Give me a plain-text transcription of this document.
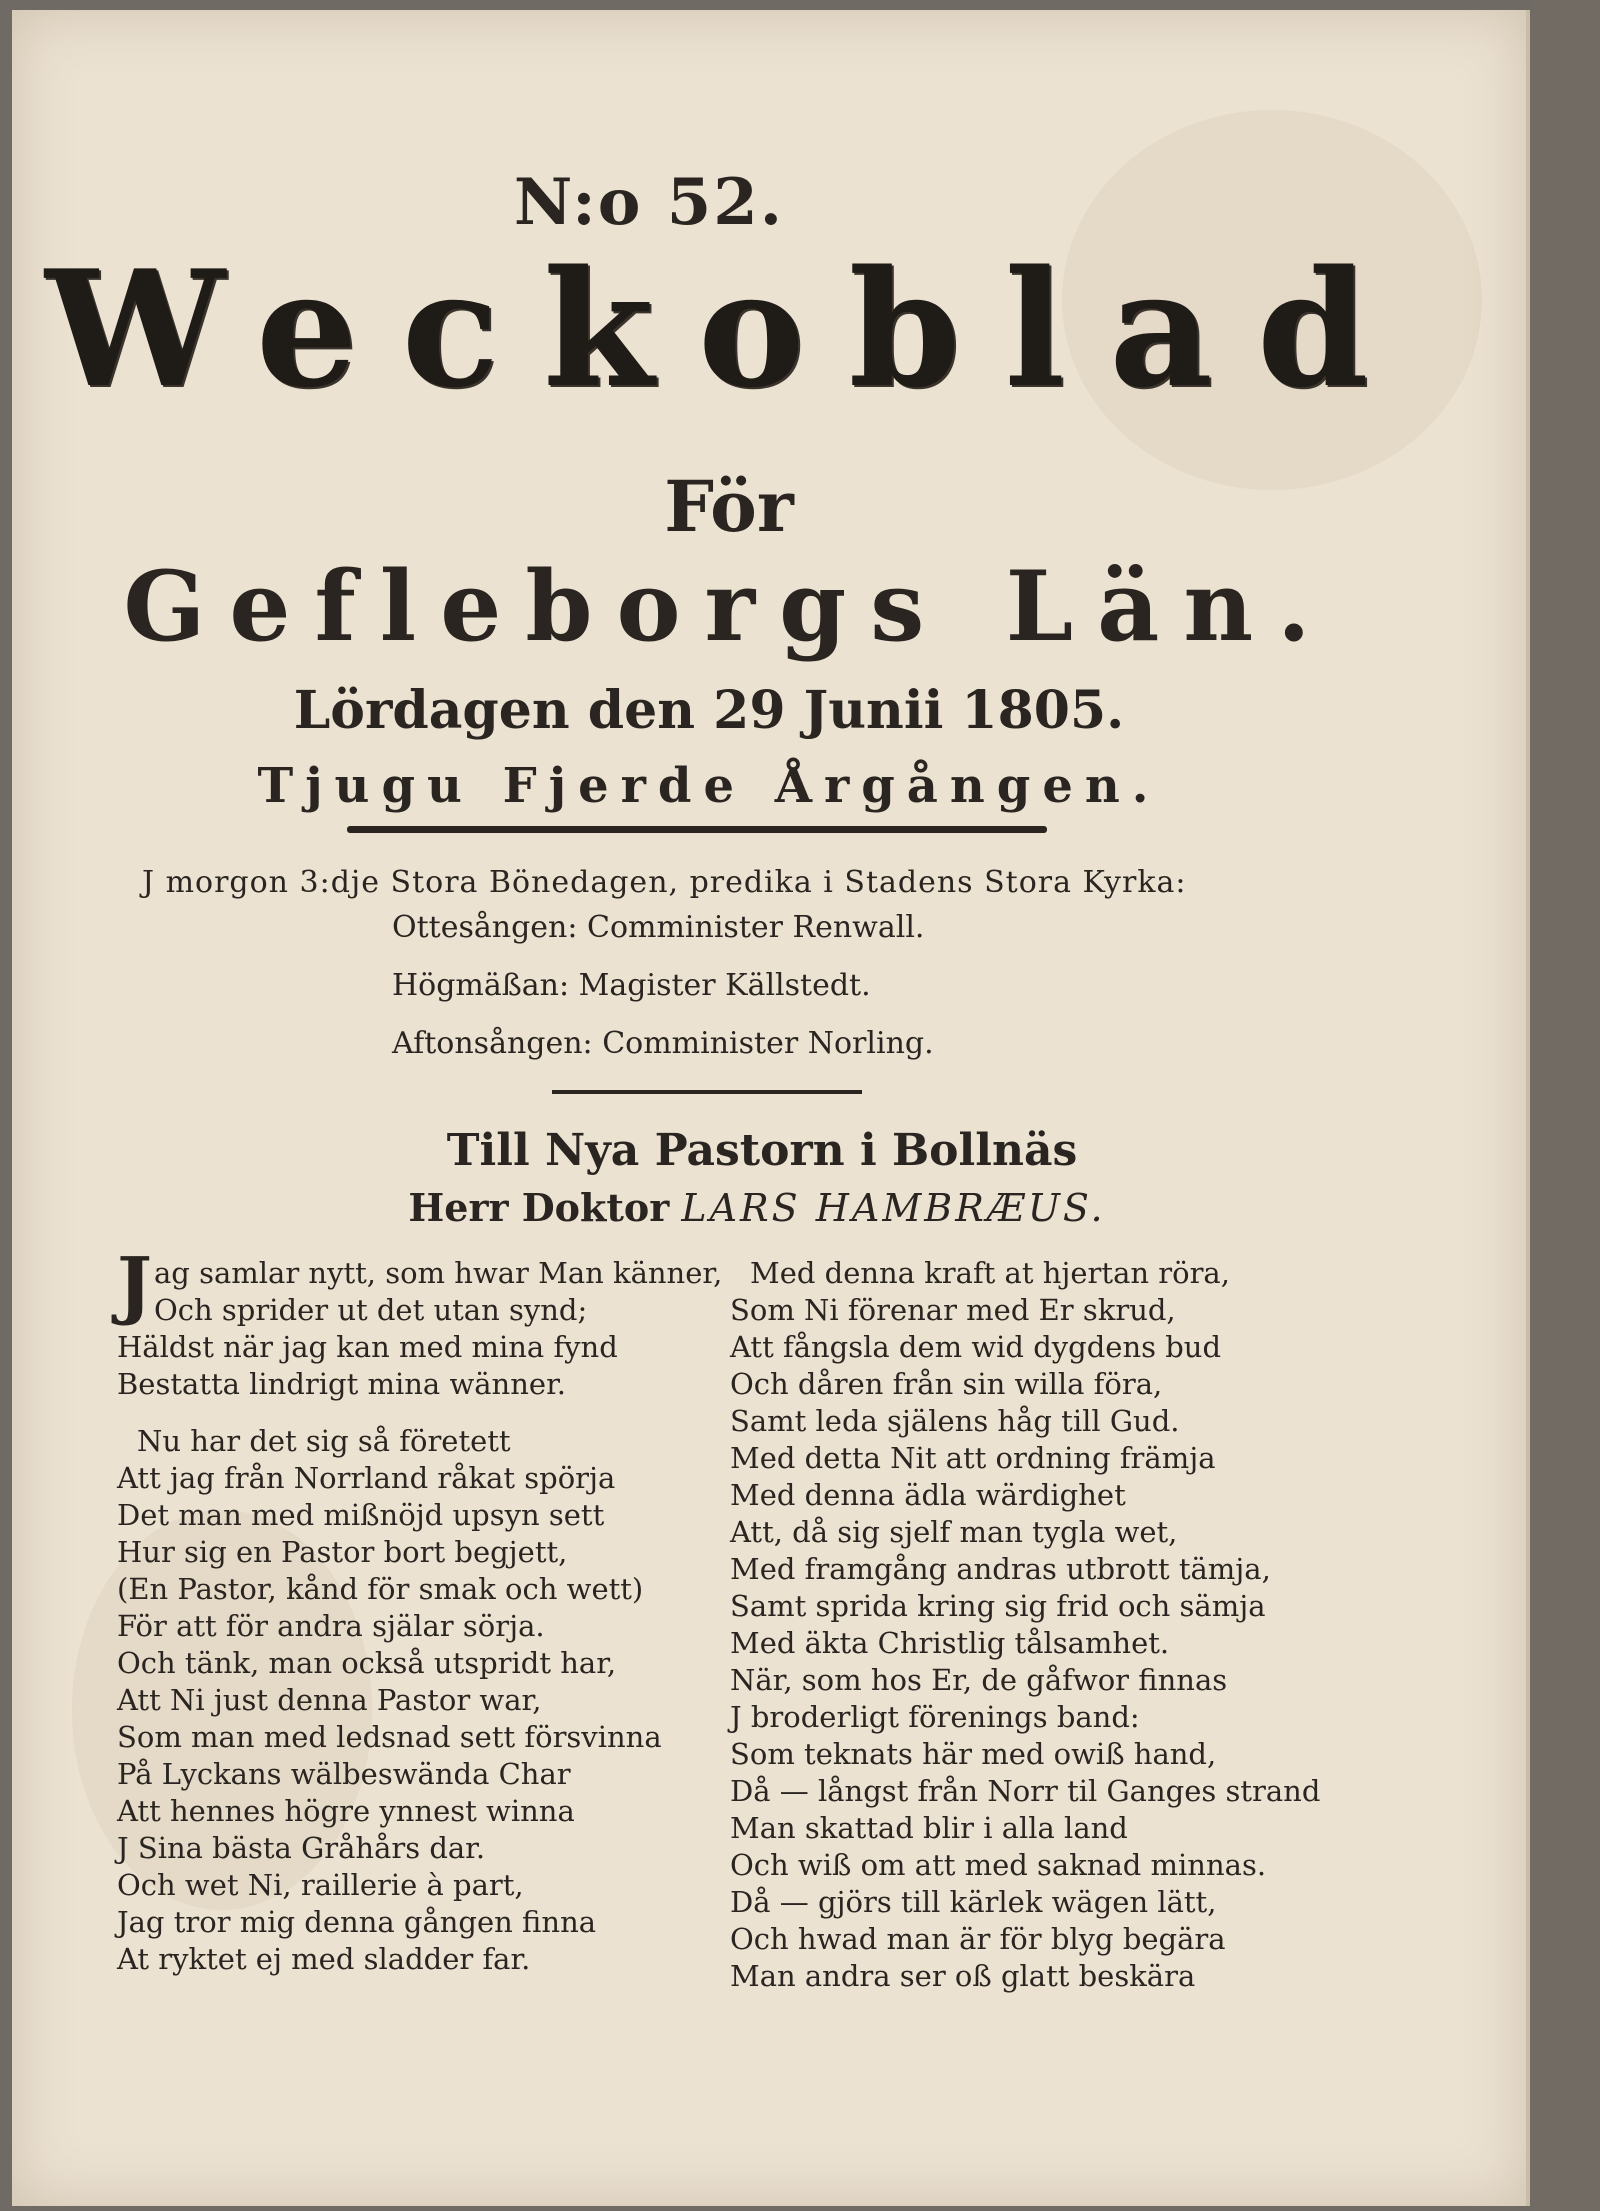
N:o 52.
Weckoblad
För
Gefleborgs Län.
Lördagen den 29 Junii 1805.
Tjugu Fjerde Årgången.
J morgon 3:dje Stora Bönedagen, predika i Stadens Stora Kyrka:
Ottesången: Comminister Renwall.
Högmäßan: Magister Källstedt.
Aftonsången: Comminister Norling.
Till Nya Pastorn i Bollnäs
Herr Doktor LARS HAMBRÆUS.
J ag samlar nytt, som hwar Man känner,
Och sprider ut det utan synd;
Häldst när jag kan med mina fynd
Bestatta lindrigt mina wänner.
Nu har det sig så företett
Att jag från Norrland råkat spörja
Det man med mißnöjd upsyn sett
Hur sig en Pastor bort begjett,
(En Pastor, kånd för smak och wett)
För att för andra själar sörja.
Och tänk, man också utspridt har,
Att Ni just denna Pastor war,
Som man med ledsnad sett försvinna
På Lyckans wälbeswända Char
Att hennes högre ynnest winna
J Sina bästa Gråhårs dar.
Och wet Ni, raillerie à part,
Jag tror mig denna gången finna
At ryktet ej med sladder far.
Med denna kraft at hjertan röra,
Som Ni förenar med Er skrud,
Att fångsla dem wid dygdens bud
Och dåren från sin willa föra,
Samt leda själens håg till Gud.
Med detta Nit att ordning främja
Med denna ädla wärdighet
Att, då sig sjelf man tygla wet,
Med framgång andras utbrott tämja,
Samt sprida kring sig frid och sämja
Med äkta Christlig tålsamhet.
När, som hos Er, de gåfwor finnas
J broderligt förenings band:
Som teknats här med owiß hand,
Då — långst från Norr til Ganges strand
Man skattad blir i alla land
Och wiß om att med saknad minnas.
Då — gjörs till kärlek wägen lätt,
Och hwad man är för blyg begära
Man andra ser oß glatt beskära
